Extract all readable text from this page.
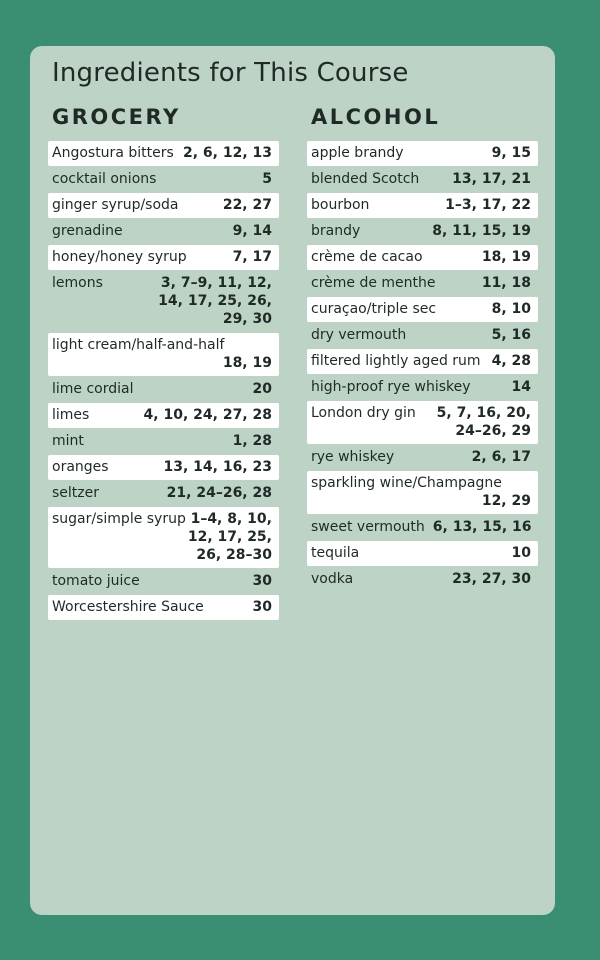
Ingredients for This Course
GROCERY
Angostura bitters 2, 6, 12, 13
cocktail onions	5
ginger syrup/soda	22, 27
grenadine	9, 14
honey/honey syrup	7, 17
lemons	3, 7–9, 11, 12, 14, 17, 25, 26, 29, 30
light cream/half-and-half
18, 19
lime cordial	20
limes	4, 10, 24, 27, 28
mint	1, 28
oranges	13, 14, 16, 23
seltzer	21, 24–26, 28
sugar/simple syrup 1–4, 8, 10, 12, 17, 25, 26, 28–30
tomato juice	30
Worcestershire Sauce	30
ALCOHOL
apple brandy	9, 15
blended Scotch 13, 17, 21
bourbon	1–3, 17, 22
brandy	8, 11, 15, 19
crème de cacao	18, 19
crème de menthe	11, 18
curaçao/triple sec	8, 10
dry vermouth	5, 16
filtered lightly aged rum 4, 28
high-proof rye whiskey	14
London dry gin	5, 7, 16, 20, 24–26, 29
rye whiskey	2, 6, 17
sparkling wine/Champagne
12, 29
sweet vermouth 6, 13, 15, 16
tequila	10
vodka	23, 27, 30
